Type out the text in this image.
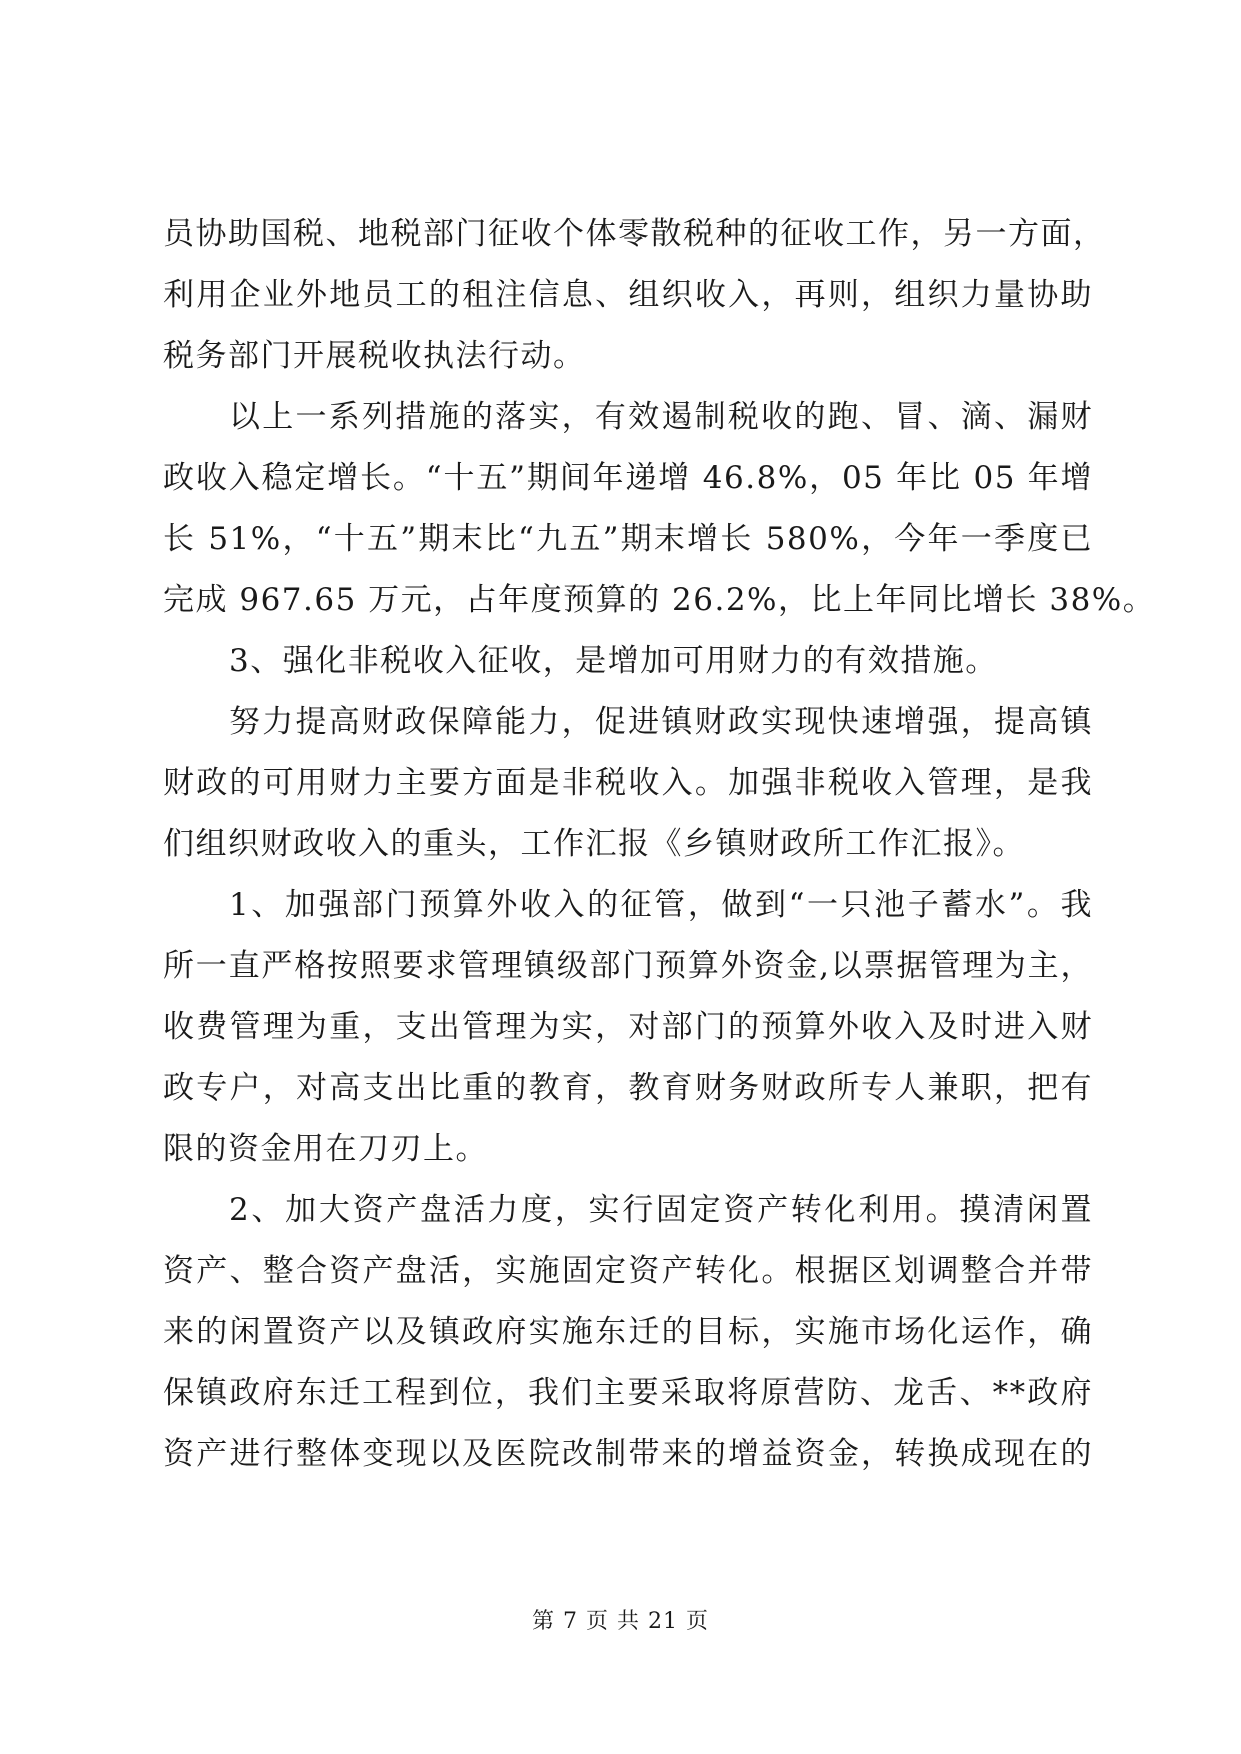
员协助国税、地税部门征收个体零散税种的征收工作，另一方面，
利用企业外地员工的租注信息、组织收入，再则，组织力量协助
税务部门开展税收执法行动。
以上一系列措施的落实，有效遏制税收的跑、冒、滴、漏财
政收入稳定增长。“十五”期间年递增 46.8%，05 年比 05 年增
长 51%，“十五”期末比“九五”期末增长 580%，今年一季度已
完成 967.65 万元，占年度预算的 26.2%，比上年同比增长 38%。
3、强化非税收入征收，是增加可用财力的有效措施。
努力提高财政保障能力，促进镇财政实现快速增强，提高镇
财政的可用财力主要方面是非税收入。加强非税收入管理，是我
们组织财政收入的重头，工作汇报《乡镇财政所工作汇报》。
1、加强部门预算外收入的征管，做到“一只池子蓄水”。我
所一直严格按照要求管理镇级部门预算外资金,以票据管理为主，
收费管理为重，支出管理为实，对部门的预算外收入及时进入财
政专户，对高支出比重的教育，教育财务财政所专人兼职，把有
限的资金用在刀刃上。
2、加大资产盘活力度，实行固定资产转化利用。摸清闲置
资产、整合资产盘活，实施固定资产转化。根据区划调整合并带
来的闲置资产以及镇政府实施东迁的目标，实施市场化运作，确
保镇政府东迁工程到位，我们主要采取将原营防、龙舌、**政府
资产进行整体变现以及医院改制带来的增益资金，转换成现在的
第 7 页 共 21 页
